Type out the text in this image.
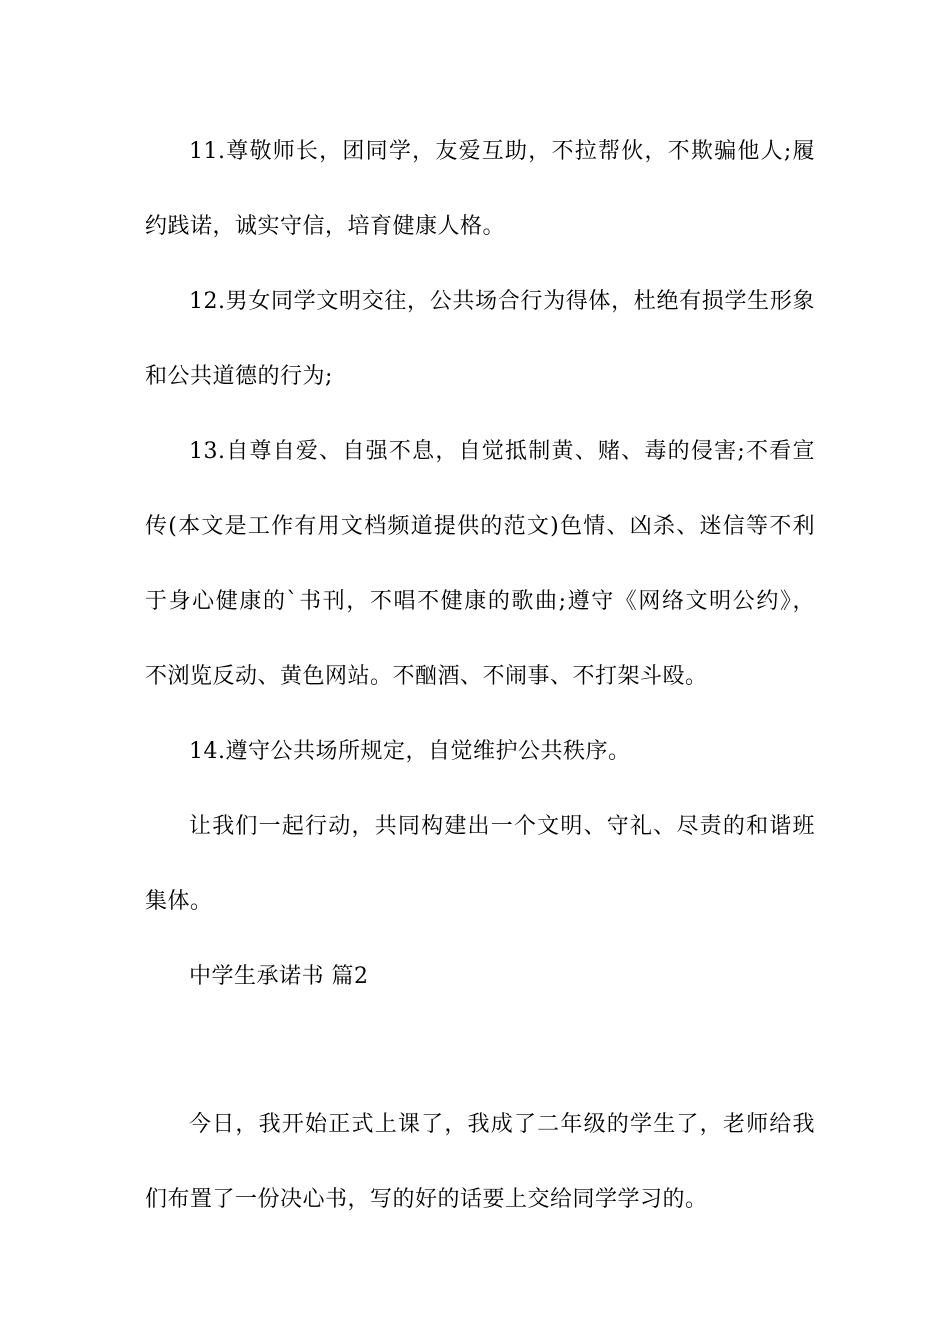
11.尊敬师长，团同学，友爱互助，不拉帮伙，不欺骗他人;履
约践诺，诚实守信，培育健康人格。
12.男女同学文明交往，公共场合行为得体，杜绝有损学生形象
和公共道德的行为;
13.自尊自爱、自强不息，自觉抵制黄、赌、毒的侵害;不看宣
传(本文是工作有用文档频道提供的范文)色情、凶杀、迷信等不利
于身心健康的`书刊，不唱不健康的歌曲;遵守《网络文明公约》，
不浏览反动、黄色网站。不酗酒、不闹事、不打架斗殴。
14.遵守公共场所规定，自觉维护公共秩序。
让我们一起行动，共同构建出一个文明、守礼、尽责的和谐班
集体。
中学生承诺书 篇2
今日，我开始正式上课了，我成了二年级的学生了，老师给我
们布置了一份决心书，写的好的话要上交给同学学习的。
